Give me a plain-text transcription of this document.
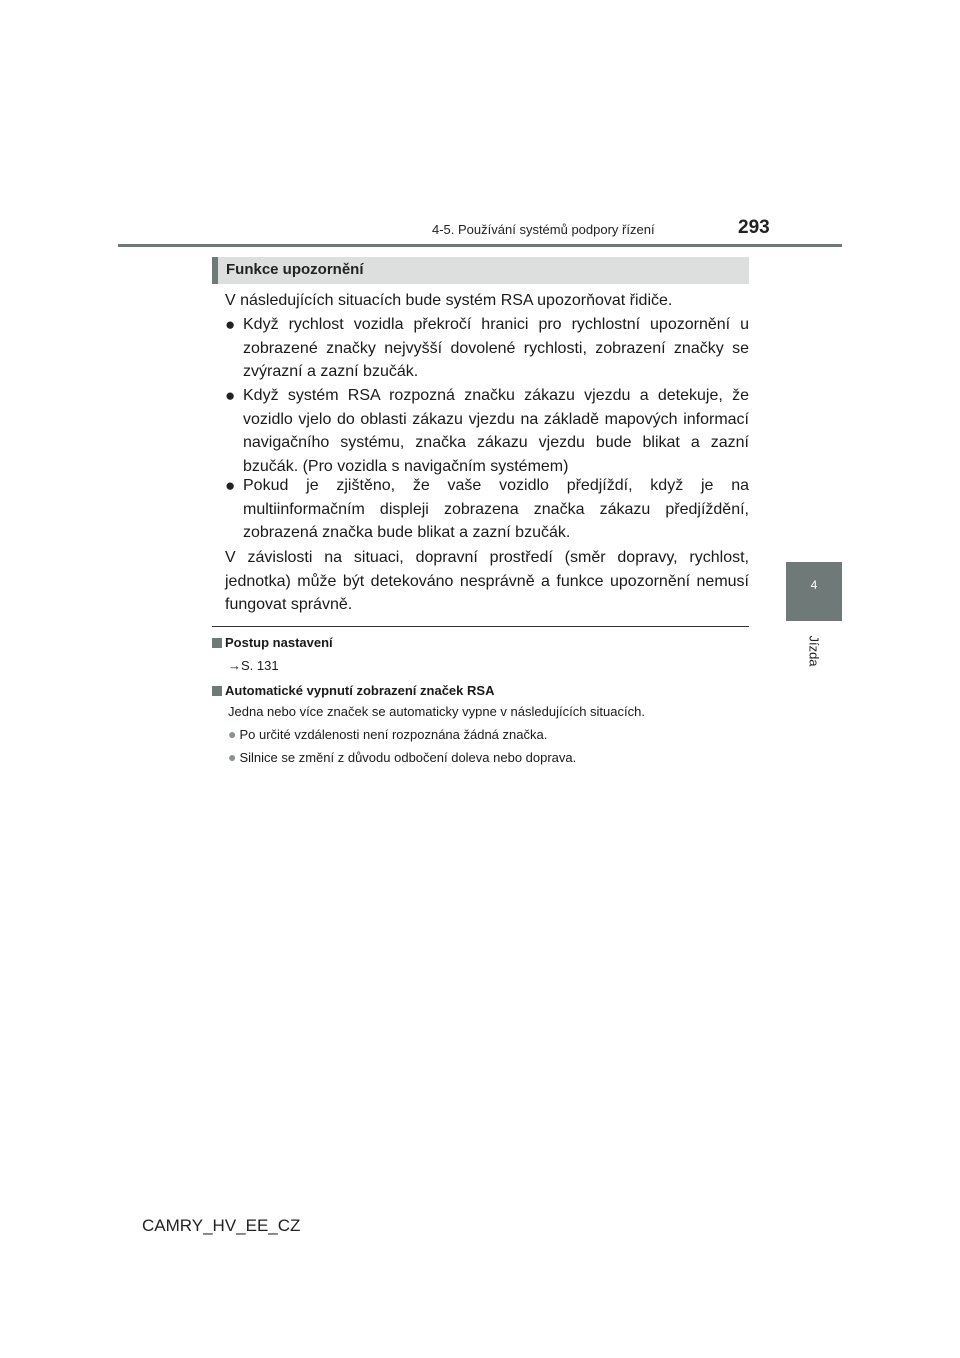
4-5. Používání systémů podpory řízení	293
4
Jízda
Funkce upozornění
V následujících situacích bude systém RSA upozorňovat řidiče.
● Když rychlost vozidla překročí hranici pro rychlostní upozornění u zobrazené značky nejvyšší dovolené rychlosti, zobrazení značky se zvýrazní a zazní bzučák.
● Když systém RSA rozpozná značku zákazu vjezdu a detekuje, že vozidlo vjelo do oblasti zákazu vjezdu na základě mapových informací navigačního systému, značka zákazu vjezdu bude blikat a zazní bzučák. (Pro vozidla s navigačním systémem)
● Pokud je zjištěno, že vaše vozidlo předjíždí, když je na multiinformačním displeji zobrazena značka zákazu předjíždění, zobrazená značka bude blikat a zazní bzučák.
V závislosti na situaci, dopravní prostředí (směr dopravy, rychlost, jednotka) může být detekováno nesprávně a funkce upozornění nemusí fungovat správně.
Postup nastavení
→S. 131
Automatické vypnutí zobrazení značek RSA
Jedna nebo více značek se automaticky vypne v následujících situacích.
● Po určité vzdálenosti není rozpoznána žádná značka.
● Silnice se změní z důvodu odbočení doleva nebo doprava.
CAMRY_HV_EE_CZ
